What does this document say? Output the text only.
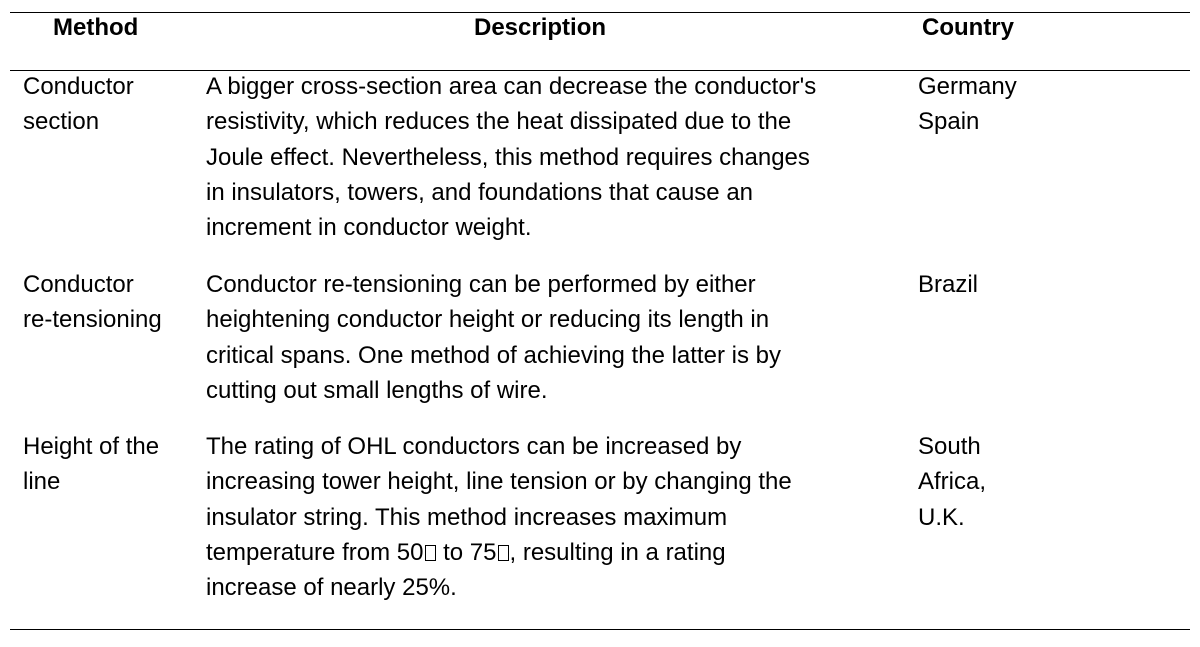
Method	Description	Country
Conductor
section
A bigger cross-section area can decrease the conductor's
resistivity, which reduces the heat dissipated due to the
Joule effect. Nevertheless, this method requires changes
in insulators, towers, and foundations that cause an
increment in conductor weight.
Germany
Spain
Conductor
re-tensioning
Conductor re-tensioning can be performed by either
heightening conductor height or reducing its length in
critical spans. One method of achieving the latter is by
cutting out small lengths of wire.
Brazil
Height of the
line
The rating of OHL conductors can be increased by
increasing tower height, line tension or by changing the
insulator string. This method increases maximum
temperature from 50 to 75 , resulting in a rating
increase of nearly 25%.
South
Africa,
U.K.
